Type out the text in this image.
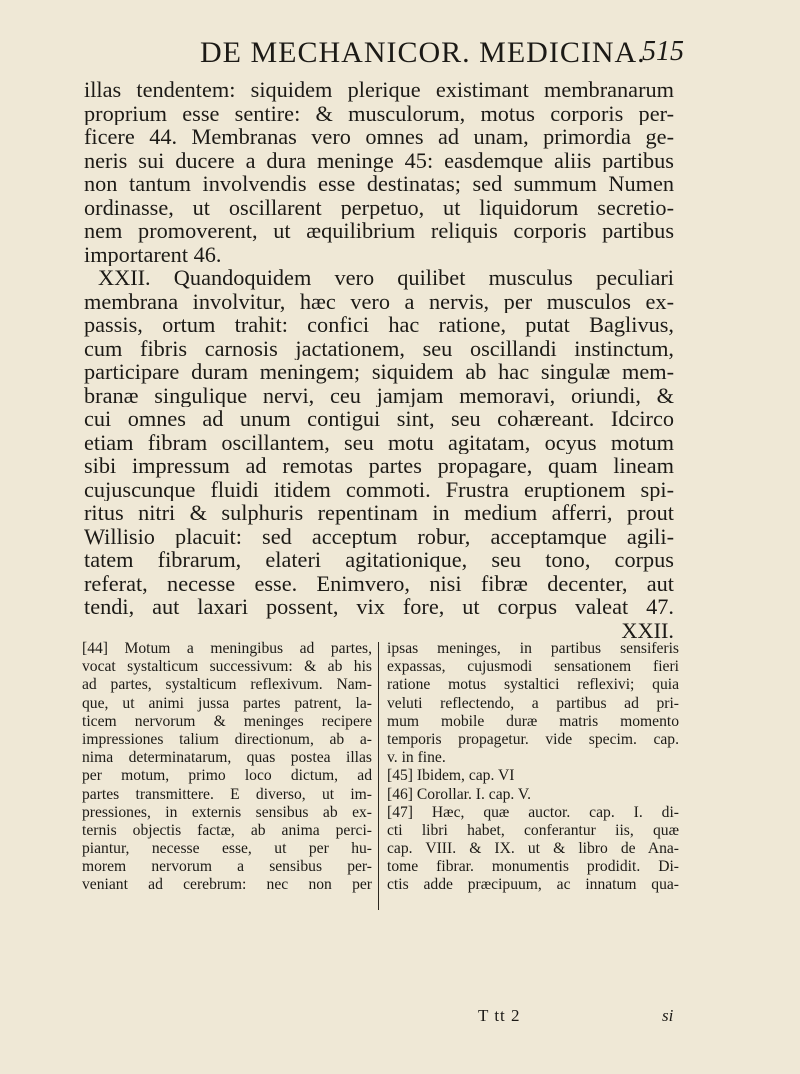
DE MECHANICOR. MEDICINA.
515
illas tendentem: siquidem plerique existimant membranarum
proprium esse sentire: & musculorum, motus corporis per-
ficere 44. Membranas vero omnes ad unam, primordia ge-
neris sui ducere a dura meninge 45: easdemque aliis partibus
non tantum involvendis esse destinatas; sed summum Numen
ordinasse, ut oscillarent perpetuo, ut liquidorum secretio-
nem promoverent, ut æquilibrium reliquis corporis partibus
importarent 46.
XXII. Quandoquidem vero quilibet musculus peculiari
membrana involvitur, hæc vero a nervis, per musculos ex-
passis, ortum trahit: confici hac ratione, putat Baglivus,
cum fibris carnosis jactationem, seu oscillandi instinctum,
participare duram meningem; siquidem ab hac singulæ mem-
branæ singulique nervi, ceu jamjam memoravi, oriundi, &
cui omnes ad unum contigui sint, seu cohæreant. Idcirco
etiam fibram oscillantem, seu motu agitatam, ocyus motum
sibi impressum ad remotas partes propagare, quam lineam
cujuscunque fluidi itidem commoti. Frustra eruptionem spi-
ritus nitri & sulphuris repentinam in medium afferri, prout
Willisio placuit: sed acceptum robur, acceptamque agili-
tatem fibrarum, elateri agitationique, seu tono, corpus
referat, necesse esse. Enimvero, nisi fibræ decenter, aut
tendi, aut laxari possent, vix fore, ut corpus valeat 47.
XXII.
[44] Motum a meningibus ad partes,
vocat systalticum successivum: & ab his
ad partes, systalticum reflexivum. Nam-
que, ut animi jussa partes patrent, la-
ticem nervorum & meninges recipere
impressiones talium directionum, ab a-
nima determinatarum, quas postea illas
per motum, primo loco dictum, ad
partes transmittere. E diverso, ut im-
pressiones, in externis sensibus ab ex-
ternis objectis factæ, ab anima perci-
piantur, necesse esse, ut per hu-
morem nervorum a sensibus per-
veniant ad cerebrum: nec non per
ipsas meninges, in partibus sensiferis
expassas, cujusmodi sensationem fieri
ratione motus systaltici reflexivi; quia
veluti reflectendo, a partibus ad pri-
mum mobile duræ matris momento
temporis propagetur. vide specim. cap.
v. in fine.
[45] Ibidem, cap. VI
[46] Corollar. I. cap. V.
[47] Hæc, quæ auctor. cap. I. di-
cti libri habet, conferantur iis, quæ
cap. VIII. & IX. ut & libro de Ana-
tome fibrar. monumentis prodidit. Di-
ctis adde præcipuum, ac innatum qua-
T tt 2	si
